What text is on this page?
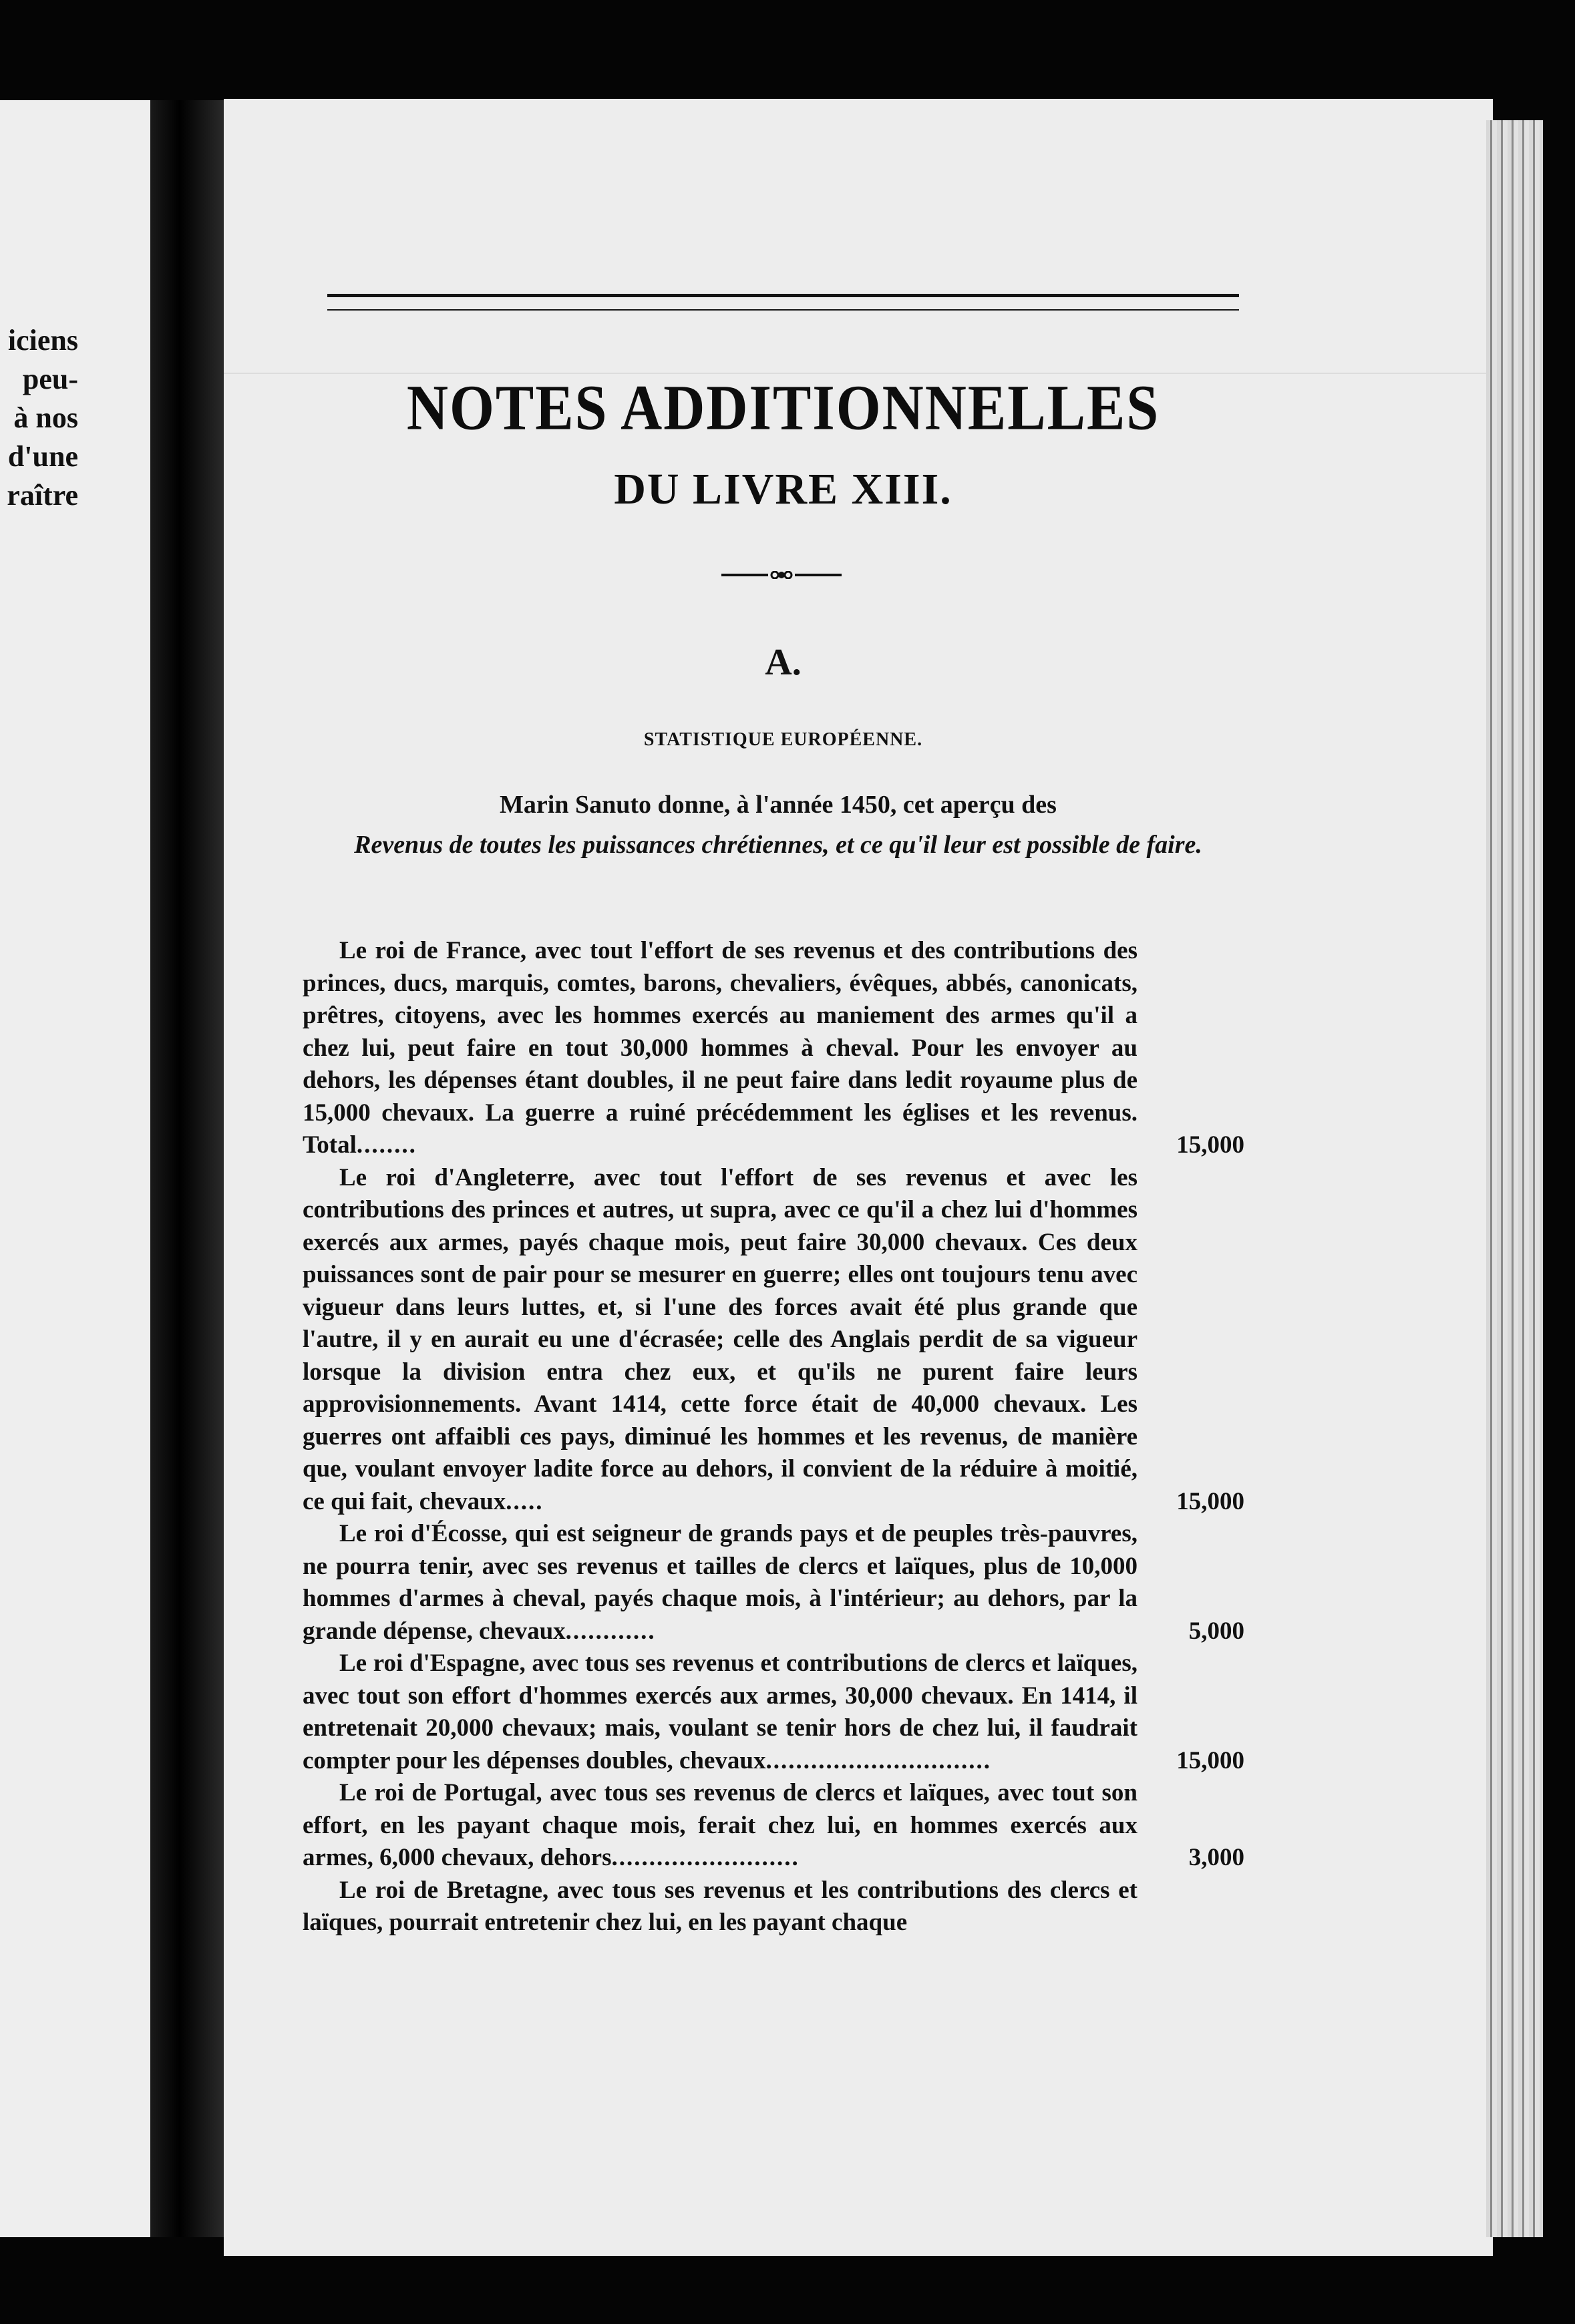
iciens
peu-
à nos
d'une
raître
NOTES ADDITIONNELLES
DU LIVRE XIII.
A.
STATISTIQUE EUROPÉENNE.
Marin Sanuto donne, à l'année 1450, cet aperçu des
Revenus de toutes les puissances chrétiennes, et ce qu'il leur est possible de faire.

Le roi de France, avec tout l'effort de ses revenus et des contributions des princes, ducs, marquis, comtes, barons, chevaliers, évêques, abbés, canonicats, prêtres, citoyens, avec les hommes exercés au maniement des armes qu'il a chez lui, peut faire en tout 30,000 hommes à cheval. Pour les envoyer au dehors, les dépenses étant doubles, il ne peut faire dans ledit royaume plus de 15,000 chevaux. La guerre a ruiné précédemment les églises et les revenus. Total........	15,000

Le roi d'Angleterre, avec tout l'effort de ses revenus et avec les contributions des princes et autres, ut supra, avec ce qu'il a chez lui d'hommes exercés aux armes, payés chaque mois, peut faire 30,000 chevaux. Ces deux puissances sont de pair pour se mesurer en guerre; elles ont toujours tenu avec vigueur dans leurs luttes, et, si l'une des forces avait été plus grande que l'autre, il y en aurait eu une d'écrasée; celle des Anglais perdit de sa vigueur lorsque la division entra chez eux, et qu'ils ne purent faire leurs approvisionnements. Avant 1414, cette force était de 40,000 chevaux. Les guerres ont affaibli ces pays, diminué les hommes et les revenus, de manière que, voulant envoyer ladite force au dehors, il convient de la réduire à moitié, ce qui fait, chevaux.....	15,000

Le roi d'Écosse, qui est seigneur de grands pays et de peuples très-pauvres, ne pourra tenir, avec ses revenus et tailles de clercs et laïques, plus de 10,000 hommes d'armes à cheval, payés chaque mois, à l'intérieur; au dehors, par la grande dépense, chevaux............	5,000

Le roi d'Espagne, avec tous ses revenus et contributions de clercs et laïques, avec tout son effort d'hommes exercés aux armes, 30,000 chevaux. En 1414, il entretenait 20,000 chevaux; mais, voulant se tenir hors de chez lui, il faudrait compter pour les dépenses doubles, chevaux..............................	15,000

Le roi de Portugal, avec tous ses revenus de clercs et laïques, avec tout son effort, en les payant chaque mois, ferait chez lui, en hommes exercés aux armes, 6,000 chevaux, dehors.........................	3,000

Le roi de Bretagne, avec tous ses revenus et les contributions des clercs et laïques, pourrait entretenir chez lui, en les payant chaque
